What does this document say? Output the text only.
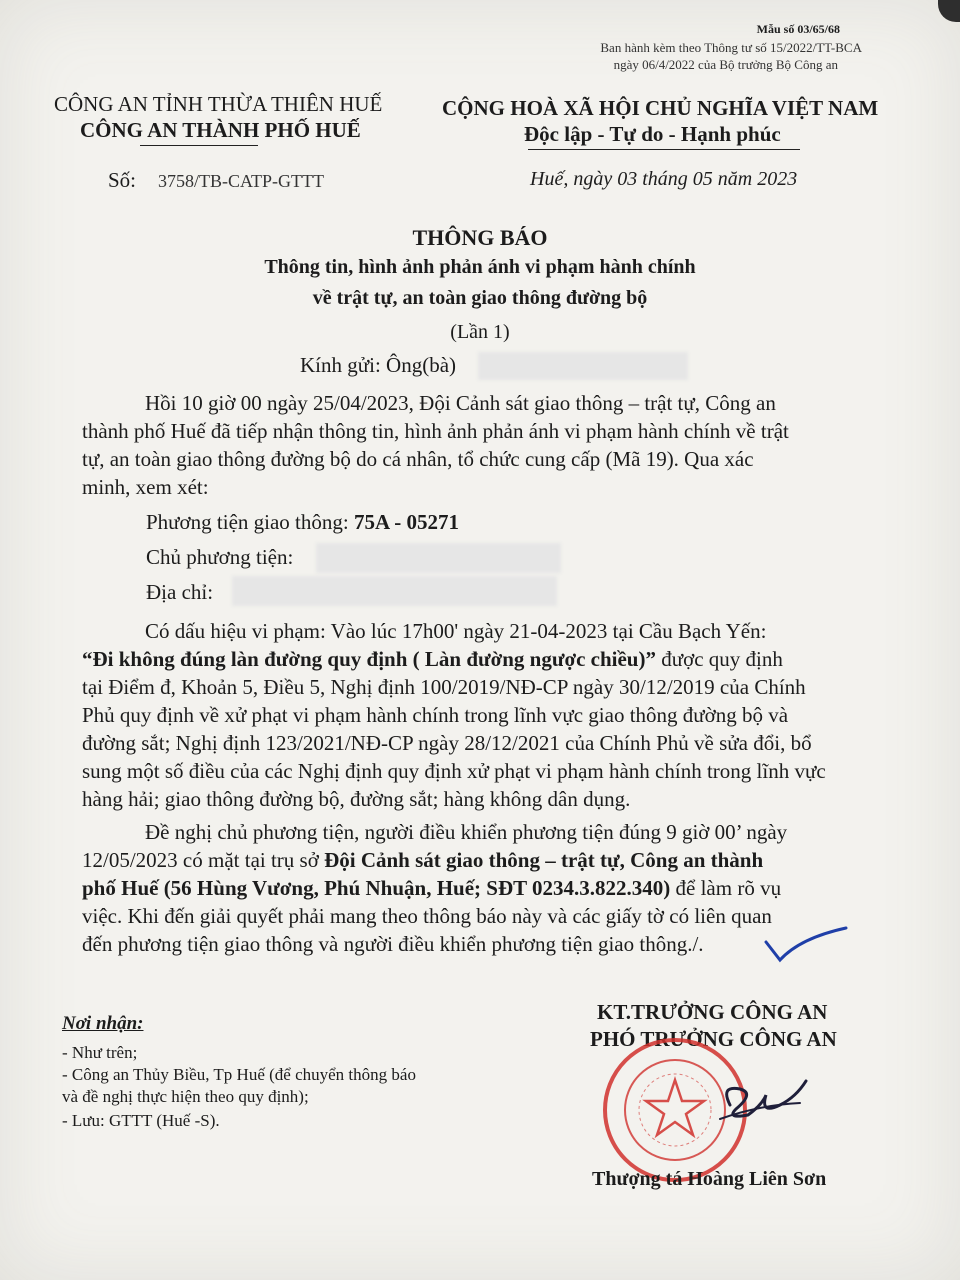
Mẫu số 03/65/68
Ban hành kèm theo Thông tư số 15/2022/TT-BCA
ngày 06/4/2022 của Bộ trưởng Bộ Công an
CÔNG AN TỈNH THỪA THIÊN HUẾ
CÔNG AN THÀNH PHỐ HUẾ
Số: 3758/TB-CATP-GTTT
CỘNG HOÀ XÃ HỘI CHỦ NGHĨA VIỆT NAM
Độc lập - Tự do - Hạnh phúc
Huế, ngày 03 tháng 05 năm 2023
THÔNG BÁO
Thông tin, hình ảnh phản ánh vi phạm hành chính
về trật tự, an toàn giao thông đường bộ
(Lần 1)
Kính gửi: Ông(bà)
Hồi 10 giờ 00 ngày 25/04/2023, Đội Cảnh sát giao thông – trật tự, Công an
thành phố Huế đã tiếp nhận thông tin, hình ảnh phản ánh vi phạm hành chính về trật
tự, an toàn giao thông đường bộ do cá nhân, tổ chức cung cấp (Mã 19). Qua xác
minh, xem xét:
Phương tiện giao thông: 75A - 05271
Chủ phương tiện:
Địa chỉ:
Có dấu hiệu vi phạm: Vào lúc 17h00' ngày 21-04-2023 tại Cầu Bạch Yến:
“Đi không đúng làn đường quy định ( Làn đường ngược chiều)” được quy định
tại Điểm đ, Khoản 5, Điều 5, Nghị định 100/2019/NĐ-CP ngày 30/12/2019 của Chính
Phủ quy định về xử phạt vi phạm hành chính trong lĩnh vực giao thông đường bộ và
đường sắt; Nghị định 123/2021/NĐ-CP ngày 28/12/2021 của Chính Phủ về sửa đổi, bổ
sung một số điều của các Nghị định quy định xử phạt vi phạm hành chính trong lĩnh vực
hàng hải; giao thông đường bộ, đường sắt; hàng không dân dụng.
Đề nghị chủ phương tiện, người điều khiển phương tiện đúng 9 giờ 00’ ngày
12/05/2023 có mặt tại trụ sở Đội Cảnh sát giao thông – trật tự, Công an thành
phố Huế (56 Hùng Vương, Phú Nhuận, Huế; SĐT 0234.3.822.340) để làm rõ vụ
việc. Khi đến giải quyết phải mang theo thông báo này và các giấy tờ có liên quan
đến phương tiện giao thông và người điều khiển phương tiện giao thông./.
Nơi nhận:
- Như trên;
- Công an Thủy Biều, Tp Huế (để chuyển thông báo
và đề nghị thực hiện theo quy định);
- Lưu: GTTT (Huế -S).
KT.TRƯỞNG CÔNG AN
PHÓ TRƯỞNG CÔNG AN
Thượng tá Hoàng Liên Sơn
